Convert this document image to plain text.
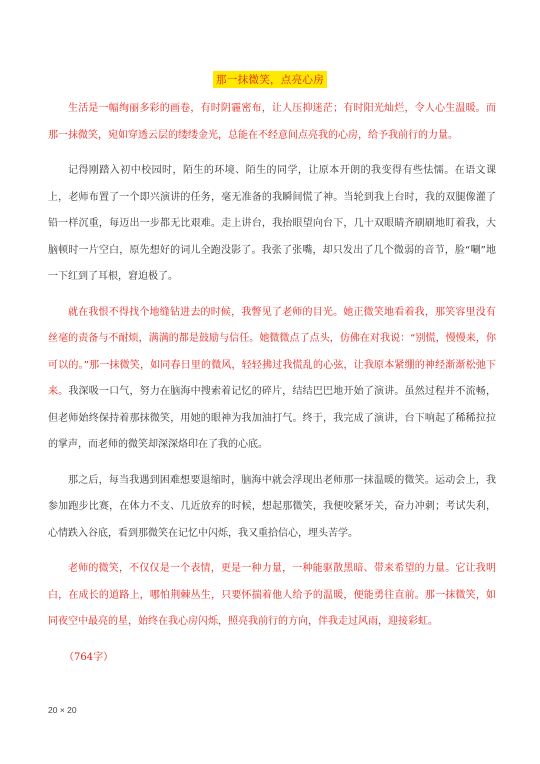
那一抹微笑，点亮心房

生活是一幅绚丽多彩的画卷，有时阴霾密布，让人压抑迷茫；有时阳光灿烂，令人心生温暖。而那一抹微笑，宛如穿透云层的缕缕金光，总能在不经意间点亮我的心房，给予我前行的力量。

记得刚踏入初中校园时，陌生的环境、陌生的同学，让原本开朗的我变得有些怯懦。在语文课上，老师布置了一个即兴演讲的任务，毫无准备的我瞬间慌了神。当轮到我上台时，我的双腿像灌了铅一样沉重，每迈出一步都无比艰难。走上讲台，我抬眼望向台下，几十双眼睛齐刷刷地盯着我，大脑顿时一片空白，原先想好的词儿全跑没影了。我张了张嘴，却只发出了几个微弱的音节，脸“唰”地一下红到了耳根，窘迫极了。

就在我恨不得找个地缝钻进去的时候，我瞥见了老师的目光。她正微笑地看着我，那笑容里没有丝毫的责备与不耐烦，满满的都是鼓励与信任。她微微点了点头，仿佛在对我说：“别慌，慢慢来，你可以的。”那一抹微笑，如同春日里的微风，轻轻拂过我慌乱的心弦，让我原本紧绷的神经渐渐松弛下来。我深吸一口气，努力在脑海中搜索着记忆的碎片，结结巴巴地开始了演讲。虽然过程并不流畅，但老师始终保持着那抹微笑，用她的眼神为我加油打气。终于，我完成了演讲，台下响起了稀稀拉拉的掌声，而老师的微笑却深深烙印在了我的心底。

那之后，每当我遇到困难想要退缩时，脑海中就会浮现出老师那一抹温暖的微笑。运动会上，我参加跑步比赛，在体力不支、几近放弃的时候，想起那微笑，我便咬紧牙关，奋力冲刺；考试失利，心情跌入谷底，看到那微笑在记忆中闪烁，我又重拾信心，埋头苦学。

老师的微笑，不仅仅是一个表情，更是一种力量，一种能驱散黑暗、带来希望的力量。它让我明白，在成长的道路上，哪怕荆棘丛生，只要怀揣着他人给予的温暖，便能勇往直前。那一抹微笑，如同夜空中最亮的星，始终在我心房闪烁，照亮我前行的方向，伴我走过风雨，迎接彩虹。

（764字）

20 × 20
